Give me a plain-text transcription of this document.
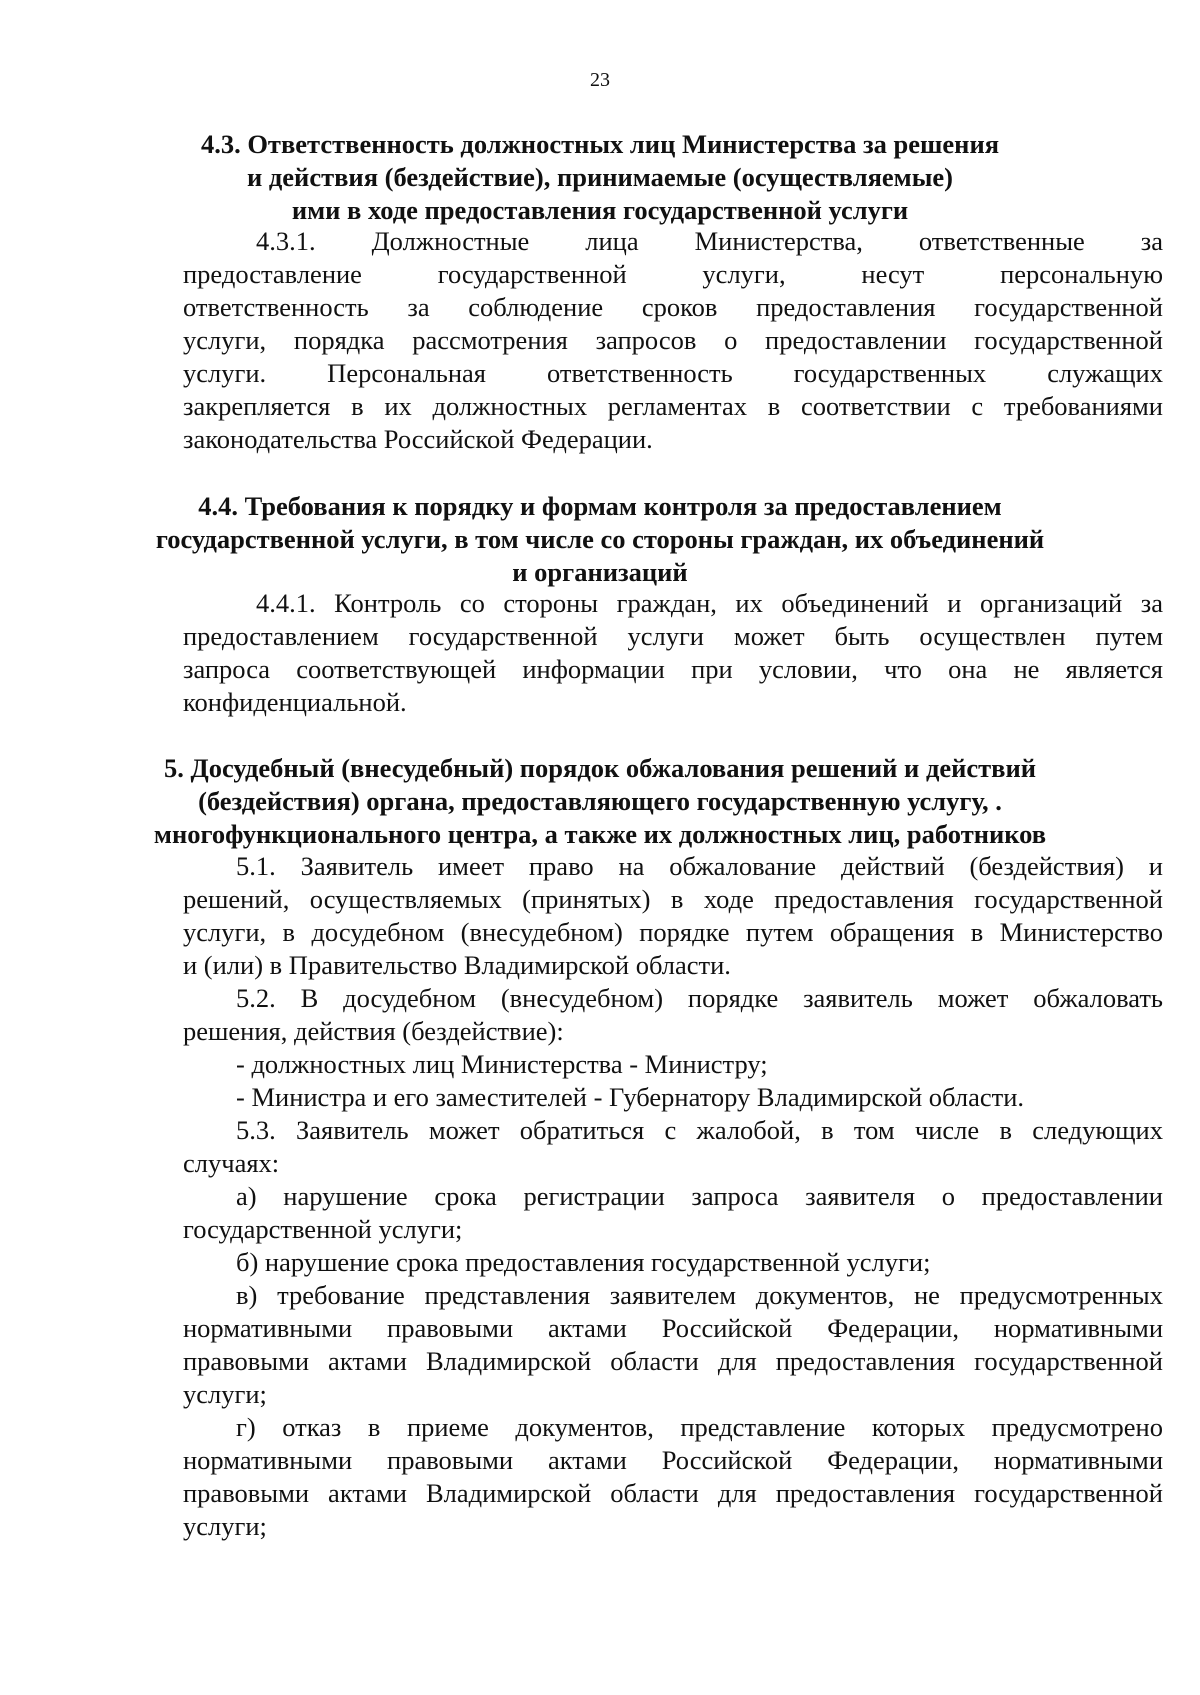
23
4.3. Ответственность должностных лиц Министерства за решения
и действия (бездействие), принимаемые (осуществляемые)
ими в ходе предоставления государственной услуги
4.3.1. Должностные лица Министерства, ответственные за
предоставление государственной услуги, несут персональную
ответственность за соблюдение сроков предоставления государственной
услуги, порядка рассмотрения запросов о предоставлении государственной
услуги. Персональная ответственность государственных служащих
закрепляется в их должностных регламентах в соответствии с требованиями
законодательства Российской Федерации.
4.4. Требования к порядку и формам контроля за предоставлением
государственной услуги, в том числе со стороны граждан, их объединений
и организаций
4.4.1. Контроль со стороны граждан, их объединений и организаций за
предоставлением государственной услуги может быть осуществлен путем
запроса соответствующей информации при условии, что она не является
конфиденциальной.
5. Досудебный (внесудебный) порядок обжалования решений и действий
(бездействия) органа, предоставляющего государственную услугу, .
многофункционального центра, а также их должностных лиц, работников
5.1. Заявитель имеет право на обжалование действий (бездействия) и
решений, осуществляемых (принятых) в ходе предоставления государственной
услуги, в досудебном (внесудебном) порядке путем обращения в Министерство
и (или) в Правительство Владимирской области.
5.2. В досудебном (внесудебном) порядке заявитель может обжаловать
решения, действия (бездействие):
- должностных лиц Министерства - Министру;
- Министра и его заместителей - Губернатору Владимирской области.
5.3. Заявитель может обратиться с жалобой, в том числе в следующих
случаях:
а) нарушение срока регистрации запроса заявителя о предоставлении
государственной услуги;
б) нарушение срока предоставления государственной услуги;
в) требование представления заявителем документов, не предусмотренных
нормативными правовыми актами Российской Федерации, нормативными
правовыми актами Владимирской области для предоставления государственной
услуги;
г) отказ в приеме документов, представление которых предусмотрено
нормативными правовыми актами Российской Федерации, нормативными
правовыми актами Владимирской области для предоставления государственной
услуги;
